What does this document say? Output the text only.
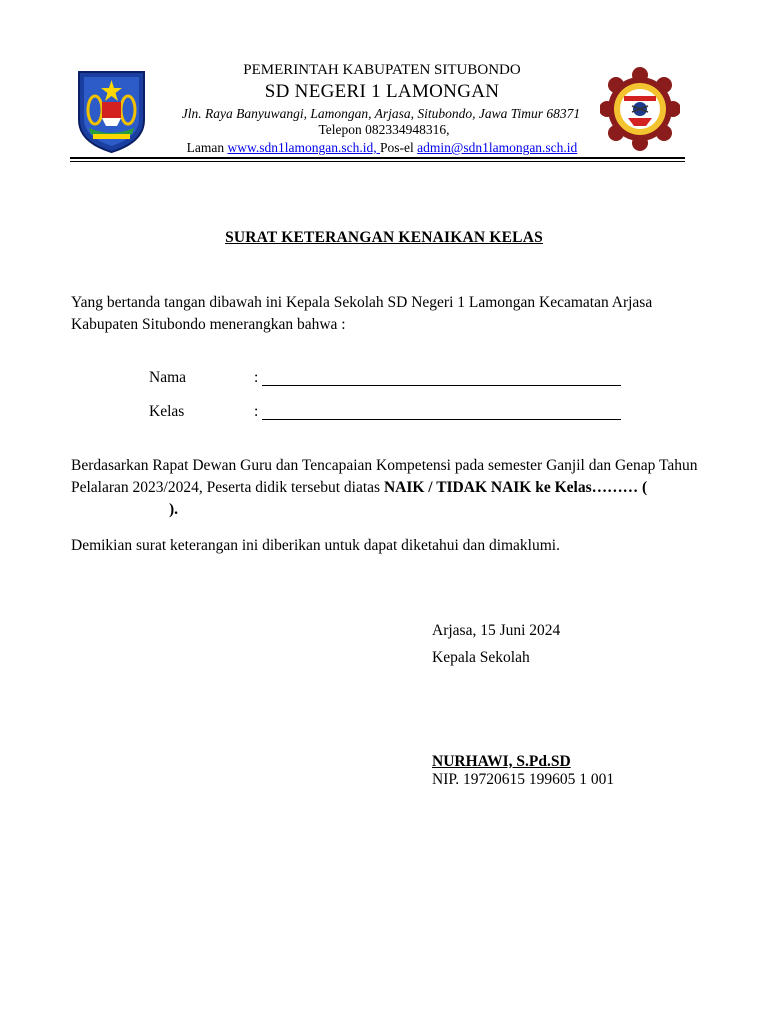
PEMERINTAH KABUPATEN SITUBONDO
SD NEGERI 1 LAMONGAN
Jln. Raya Banyuwangi, Lamongan, Arjasa, Situbondo, Jawa Timur 68371
Telepon 082334948316,
Laman www.sdn1lamongan.sch.id, Pos-el admin@sdn1lamongan.sch.id
SURAT KETERANGAN KENAIKAN KELAS
Yang bertanda tangan dibawah ini Kepala Sekolah SD Negeri 1 Lamongan Kecamatan Arjasa Kabupaten Situbondo menerangkan bahwa :
Nama	:
Kelas	:
Berdasarkan Rapat Dewan Guru dan Tencapaian Kompetensi pada semester Ganjil dan Genap Tahun Pelalaran 2023/2024, Peserta didik tersebut diatas NAIK / TIDAK NAIK ke Kelas……… ().
Demikian surat keterangan ini diberikan untuk dapat diketahui dan dimaklumi.
Arjasa, 15 Juni 2024
Kepala Sekolah
NURHAWI, S.Pd.SD
NIP. 19720615 199605 1 001
